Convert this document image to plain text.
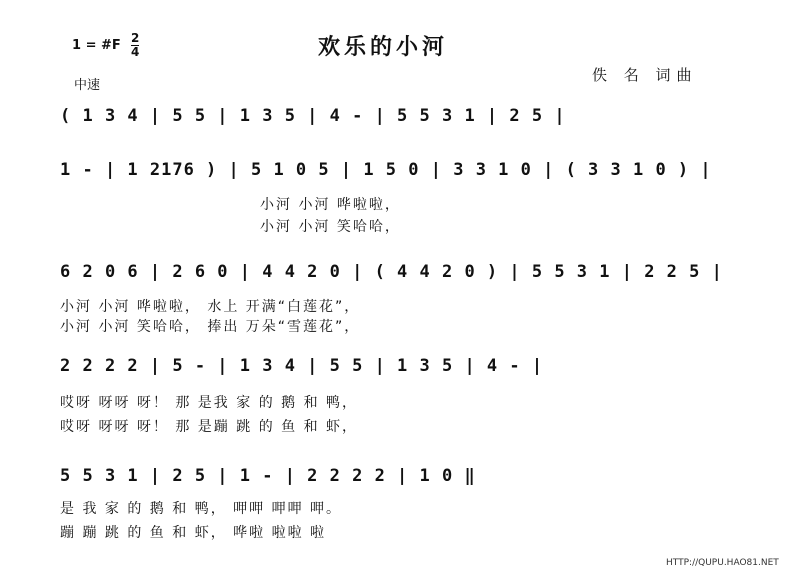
欢乐的小河
1 = #F $\frac{2}{4}$
中速
佚 名 词曲
( 1 3 4 | 5 5 | 1 3 5 | 4 - | 5 5 3 1 | 2 5 |
1 - | 1 2176 ) | 5 1 0 5 | 1 5 0 | 3 3 1 0 | ( 3 3 1 0 ) |
小河 小河 哗啦啦，
小河 小河 笑哈哈，
6 2 0 6 | 2 6 0 | 4 4 2 0 | ( 4 4 2 0 ) | 5 5 3 1 | 2 2 5 |
小河 小河 哗啦啦， 水上 开满“白莲花”，
小河 小河 笑哈哈， 捧出 万朵“雪莲花”，
2 2 2 2 | 5 - | 1 3 4 | 5 5 | 1 3 5 | 4 - |
哎呀 呀呀 呀！ 那 是我 家 的 鹅 和 鸭，
哎呀 呀呀 呀！ 那 是蹦 跳 的 鱼 和 虾，
5 5 3 1 | 2 5 | 1 - | 2 2 2 2 | 1 0 ‖
是 我 家 的 鹅 和 鸭， 呷呷 呷呷 呷。
蹦 蹦 跳 的 鱼 和 虾， 哗啦 啦啦 啦
HTTP://QUPU.HAO81.NET
